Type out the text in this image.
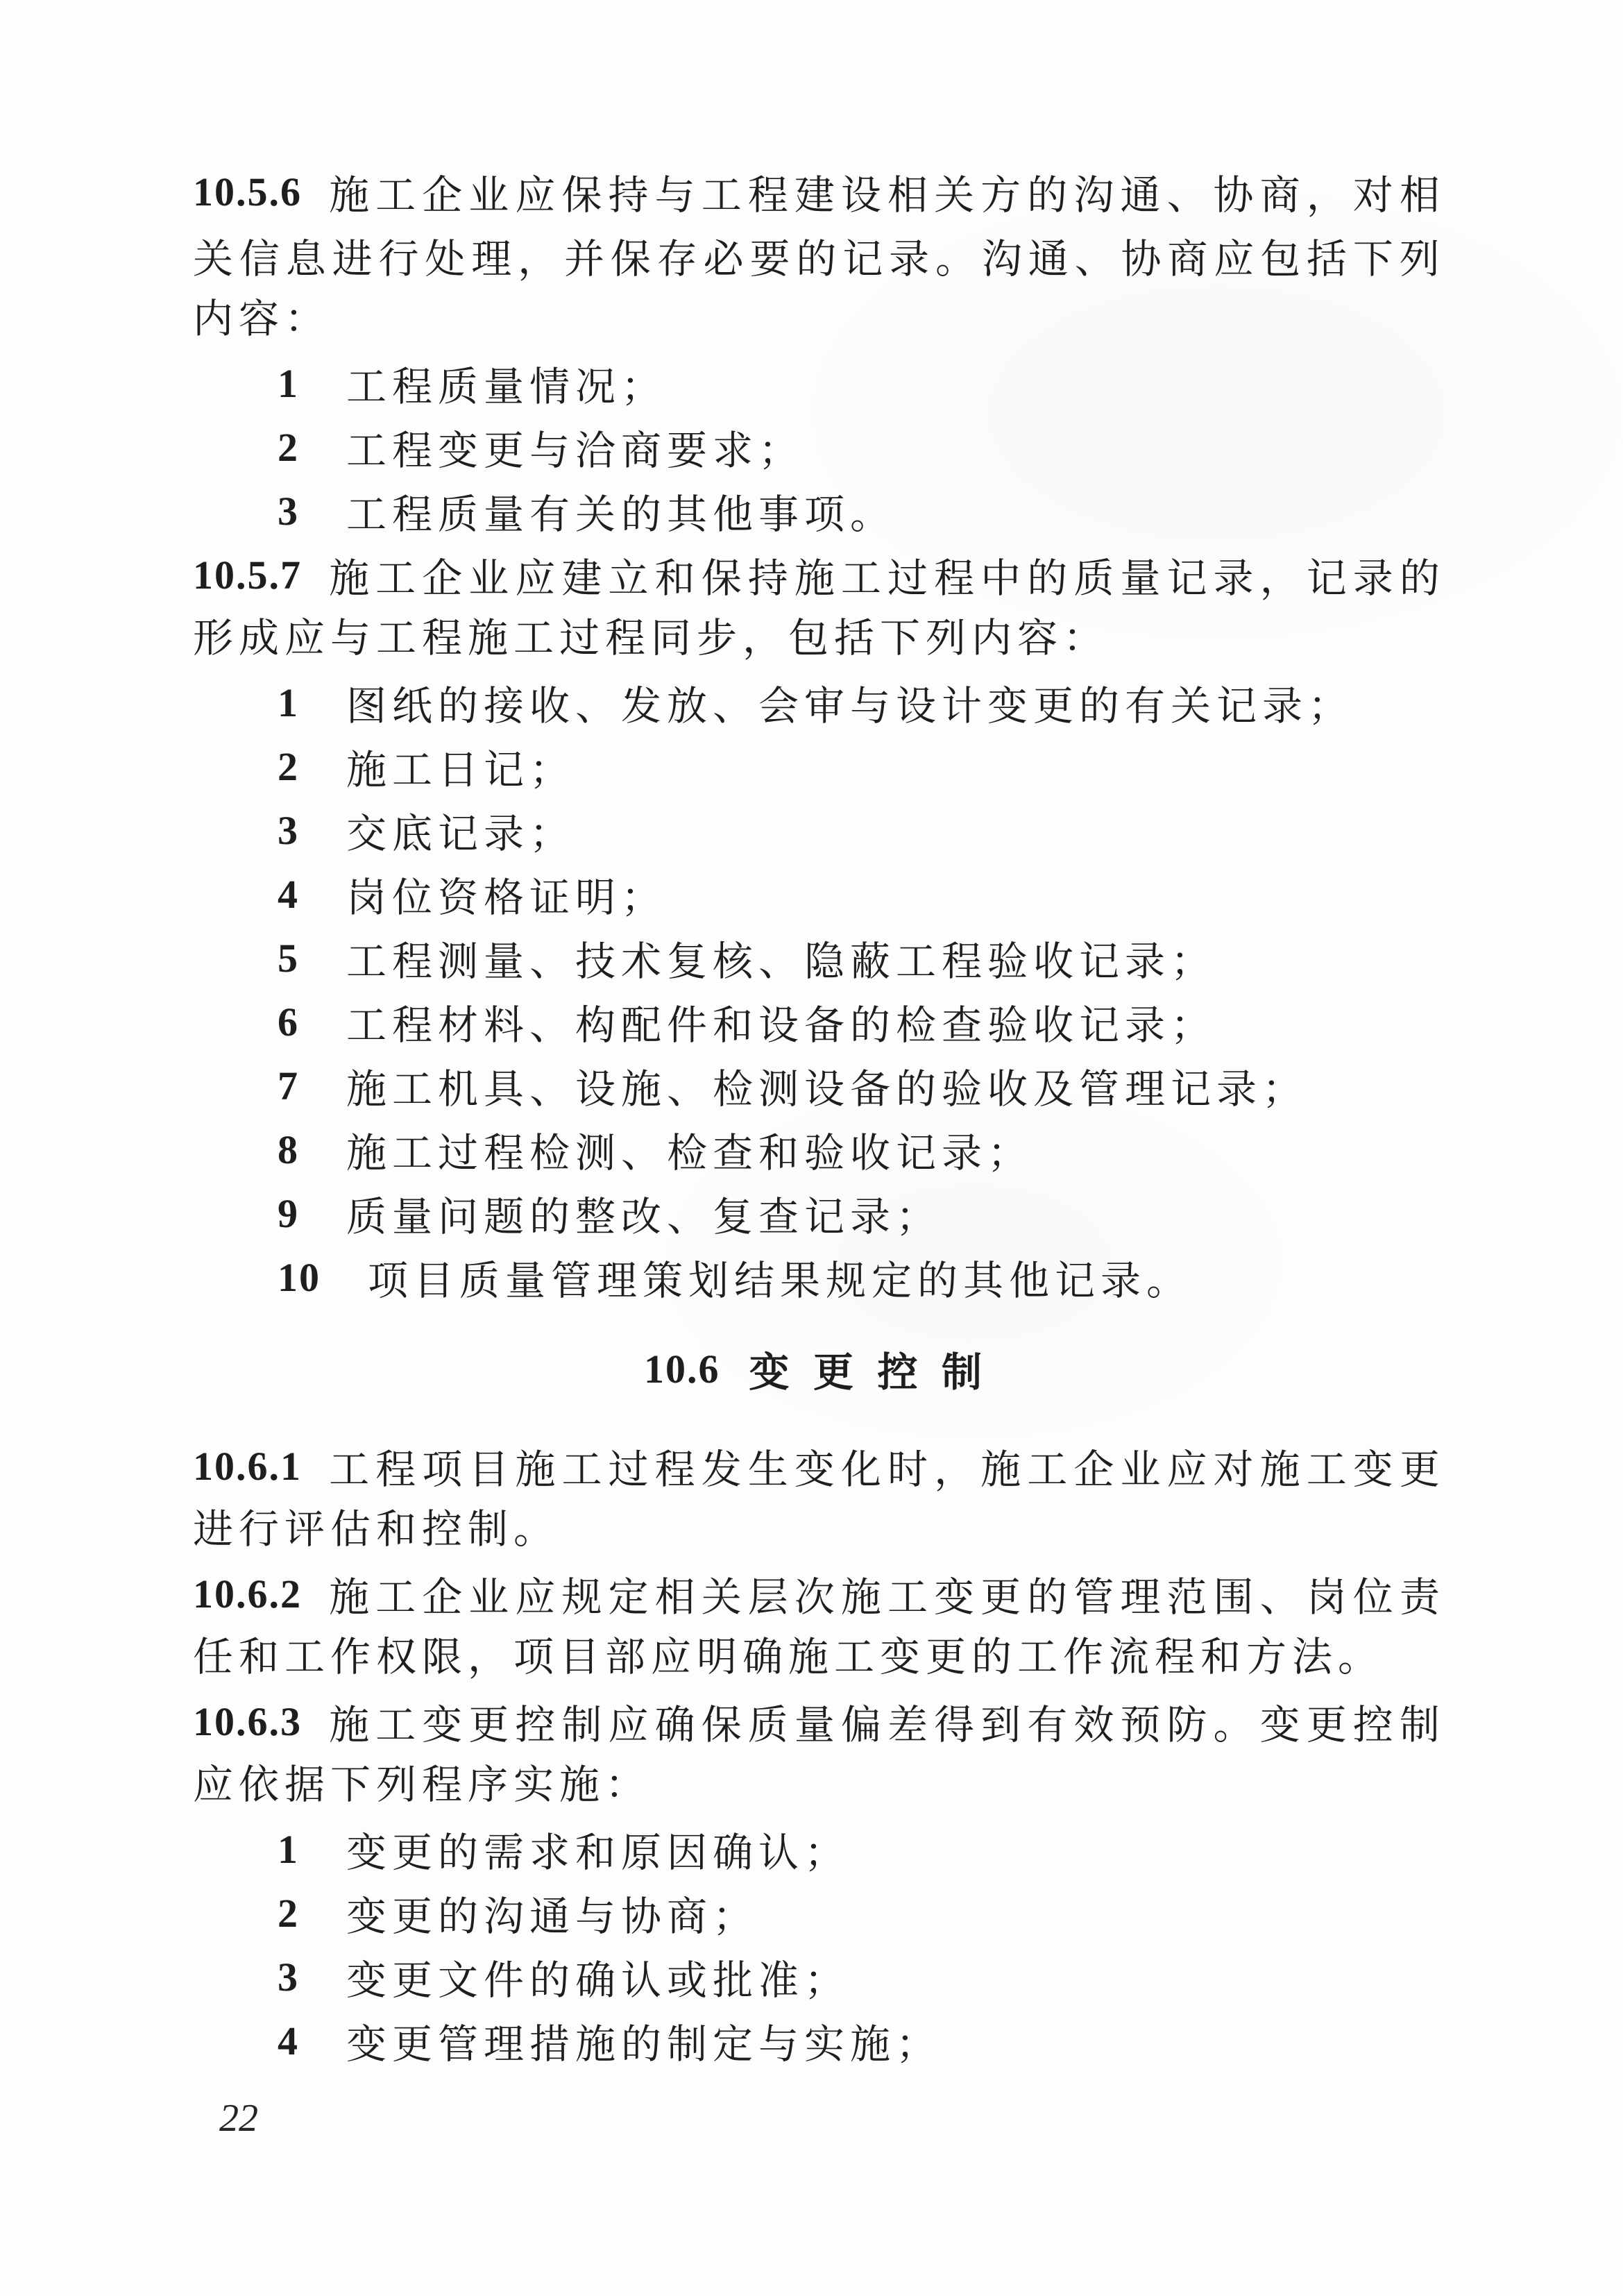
10.5.6 施 工 企 业 应 保 持 与 工 程 建 设 相 关 方 的 沟 通 、 协 商 ， 对 相
关 信 息 进 行 处 理 ， 并 保 存 必 要 的 记 录 。 沟 通 、 协 商 应 包 括 下 列
内容：
1 工程质量情况；
2 工程变更与洽商要求；
3 工程质量有关的其他事项。
10.5.7 施 工 企 业 应 建 立 和 保 持 施 工 过 程 中 的 质 量 记 录 ， 记 录 的
形成应与工程施工过程同步，包括下列内容：
1 图纸的接收、发放、会审与设计变更的有关记录；
2 施工日记；
3 交底记录；
4 岗位资格证明；
5 工程测量、技术复核、隐蔽工程验收记录；
6 工程材料、构配件和设备的检查验收记录；
7 施工机具、设施、检测设备的验收及管理记录；
8 施工过程检测、检查和验收记录；
9 质量问题的整改、复查记录；
10 项目质量管理策划结果规定的其他记录。
10.6 变 更 控 制
10.6.1 工 程 项 目 施 工 过 程 发 生 变 化 时 ， 施 工 企 业 应 对 施 工 变 更
进行评估和控制。
10.6.2 施 工 企 业 应 规 定 相 关 层 次 施 工 变 更 的 管 理 范 围 、 岗 位 责
任和工作权限，项目部应明确施工变更的工作流程和方法。
10.6.3 施 工 变 更 控 制 应 确 保 质 量 偏 差 得 到 有 效 预 防 。 变 更 控 制
应依据下列程序实施：
1 变更的需求和原因确认；
2 变更的沟通与协商；
3 变更文件的确认或批准；
4 变更管理措施的制定与实施；
22
